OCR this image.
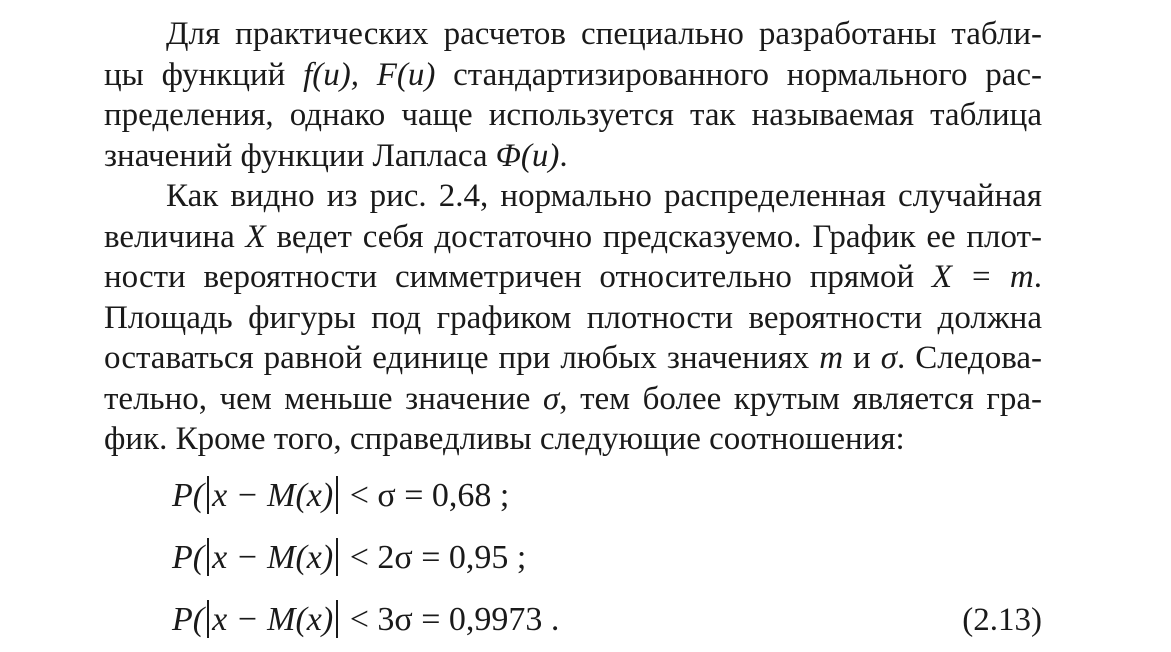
Для практических расчетов специально разработаны табли-
цы функций f(u), F(u) стандартизированного нормального рас-
пределения, однако чаще используется так называемая таблица
значений функции Лапласа Φ(u).
Как видно из рис. 2.4, нормально распределенная случайная
величина X ведет себя достаточно предсказуемо. График ее плот-
ности вероятности симметричен относительно прямой X = m.
Площадь фигуры под графиком плотности вероятности должна
оставаться равной единице при любых значениях m и σ. Следова-
тельно, чем меньше значение σ, тем более крутым является гра-
фик. Кроме того, справедливы следующие соотношения:
P( x − M(x) < σ = 0,68 ;
P( x − M(x) < 2σ = 0,95 ;
P( x − M(x) < 3σ = 0,9973 .	(2.13)
